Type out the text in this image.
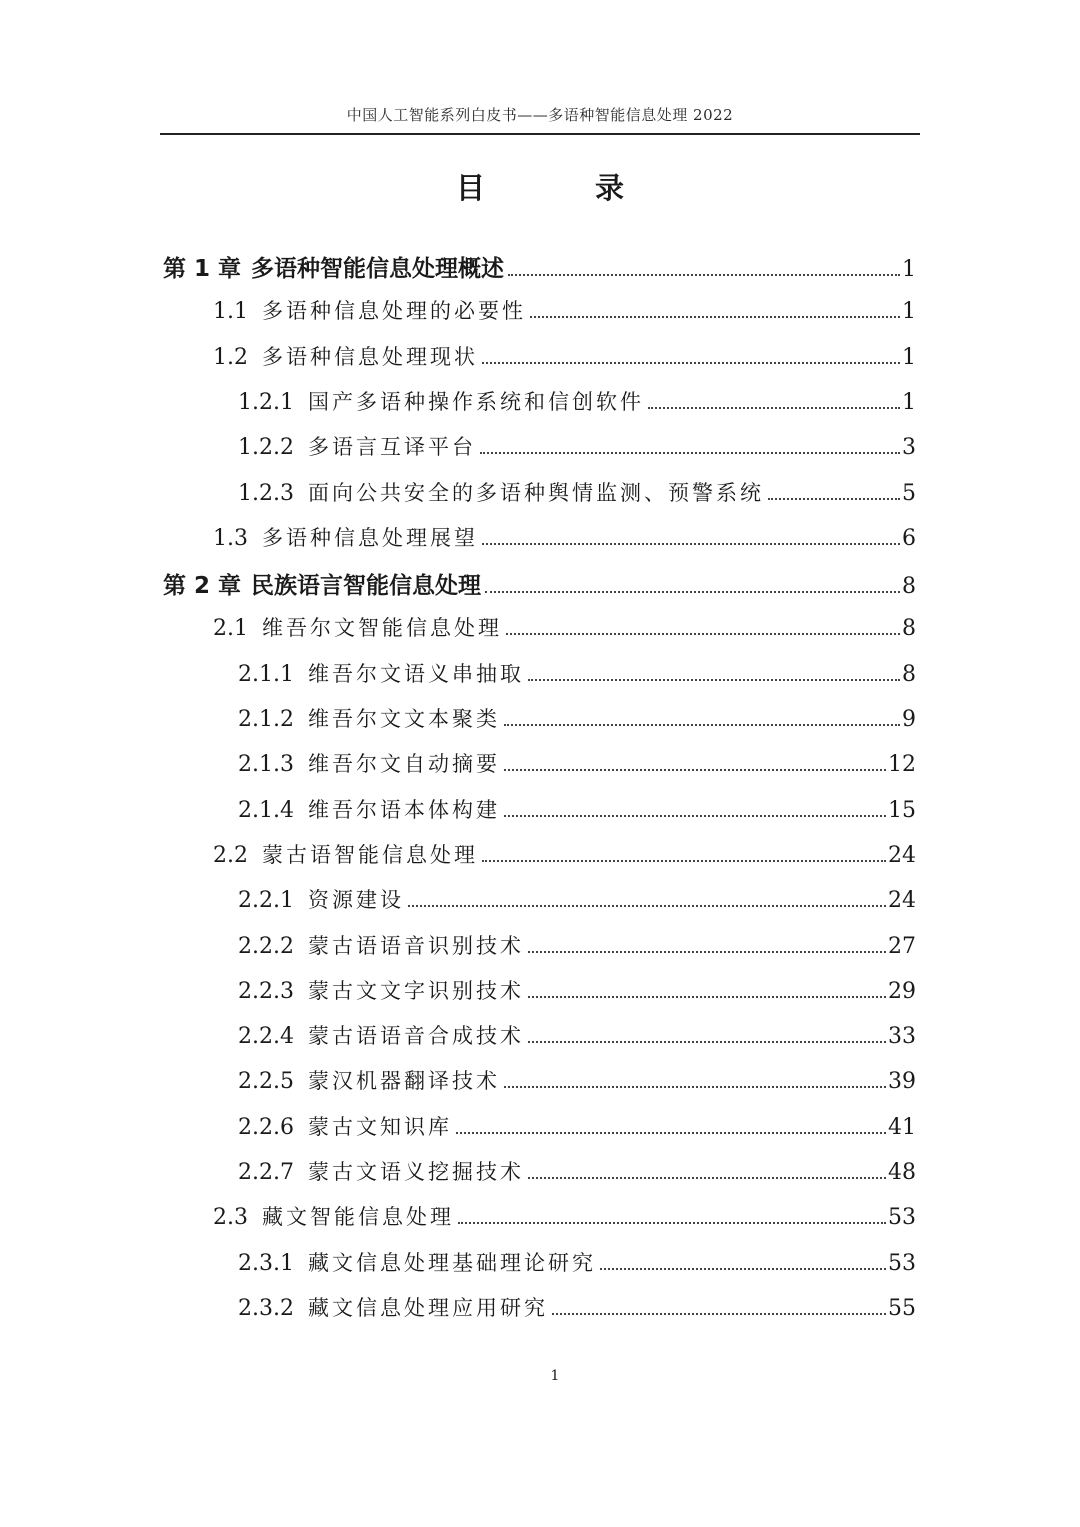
中国人工智能系列白皮书——多语种智能信息处理 2022
目 录
第 1 章 多语种智能信息处理概述	1
1.1 多语种信息处理的必要性	1
1.2 多语种信息处理现状	1
1.2.1 国产多语种操作系统和信创软件	1
1.2.2 多语言互译平台	3
1.2.3 面向公共安全的多语种舆情监测、预警系统	5
1.3 多语种信息处理展望	6
第 2 章 民族语言智能信息处理	8
2.1 维吾尔文智能信息处理	8
2.1.1 维吾尔文语义串抽取	8
2.1.2 维吾尔文文本聚类	9
2.1.3 维吾尔文自动摘要	12
2.1.4 维吾尔语本体构建	15
2.2 蒙古语智能信息处理	24
2.2.1 资源建设	24
2.2.2 蒙古语语音识别技术	27
2.2.3 蒙古文文字识别技术	29
2.2.4 蒙古语语音合成技术	33
2.2.5 蒙汉机器翻译技术	39
2.2.6 蒙古文知识库	41
2.2.7 蒙古文语义挖掘技术	48
2.3 藏文智能信息处理	53
2.3.1 藏文信息处理基础理论研究	53
2.3.2 藏文信息处理应用研究	55
1
